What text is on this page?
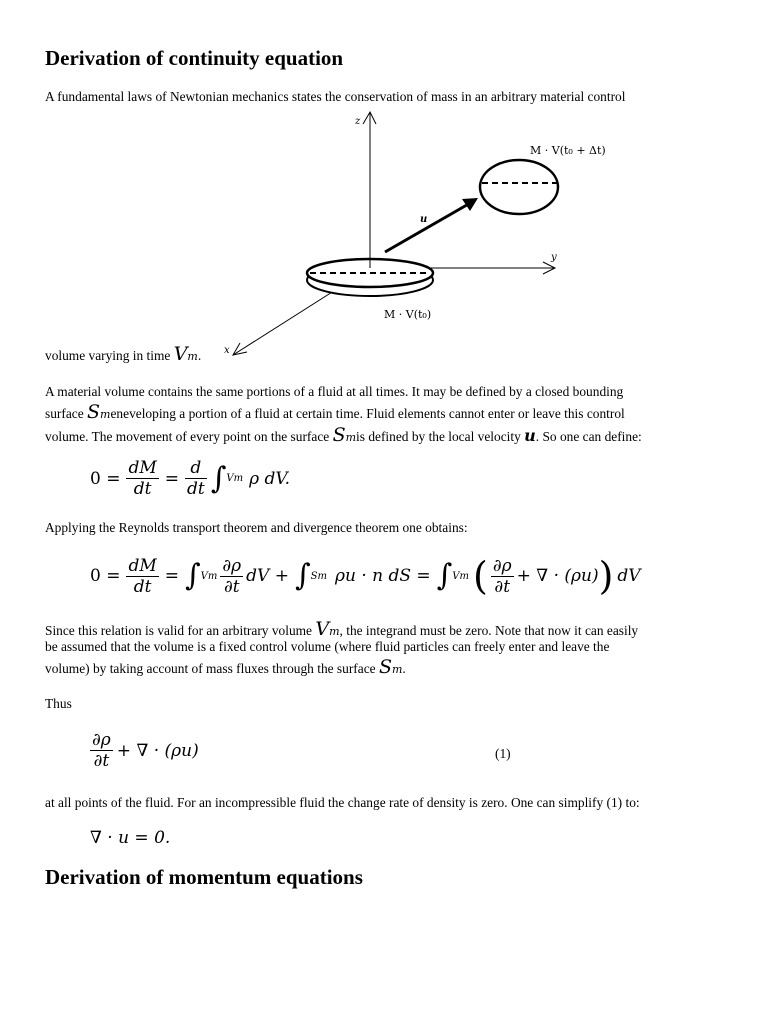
Derivation of continuity equation
A fundamental laws of Newtonian mechanics states the conservation of mass in an arbitrary material control
z
y
x
u
M · V(t₀ + Δt)
M · V(t₀)
volume varying in time Vm.
A material volume contains the same portions of a fluid at all times. It may be defined by a closed bounding
surface Smeneveloping a portion of a fluid at certain time. Fluid elements cannot enter or leave this control
volume. The movement of every point on the surface Smis defined by the local velocity u. So one can define:
$0 = \frac{dM}{dt} = \frac{d}{dt}$ ∫ Vm ρ dV.
Applying the Reynolds transport theorem and divergence theorem one obtains:
$0 = \frac{dM}{dt}$ = ∫ Vm $\frac{\partial\rho}{\partial t}$ dV + ∫ Sm ρu · n dS = ∫ Vm ( $\frac{\partial\rho}{\partial t}$ + ∇ · (ρu) ) dV
Since this relation is valid for an arbitrary volume Vm, the integrand must be zero. Note that now it can easily
be assumed that the volume is a fixed control volume (where fluid particles can freely enter and leave the
volume) by taking account of mass fluxes through the surface Sm.
Thus
$\frac{\partial\rho}{\partial t}$ + ∇ · (ρu)	(1)
at all points of the fluid. For an incompressible fluid the change rate of density is zero. One can simplify (1) to:
∇ · u = 0.
Derivation of momentum equations
